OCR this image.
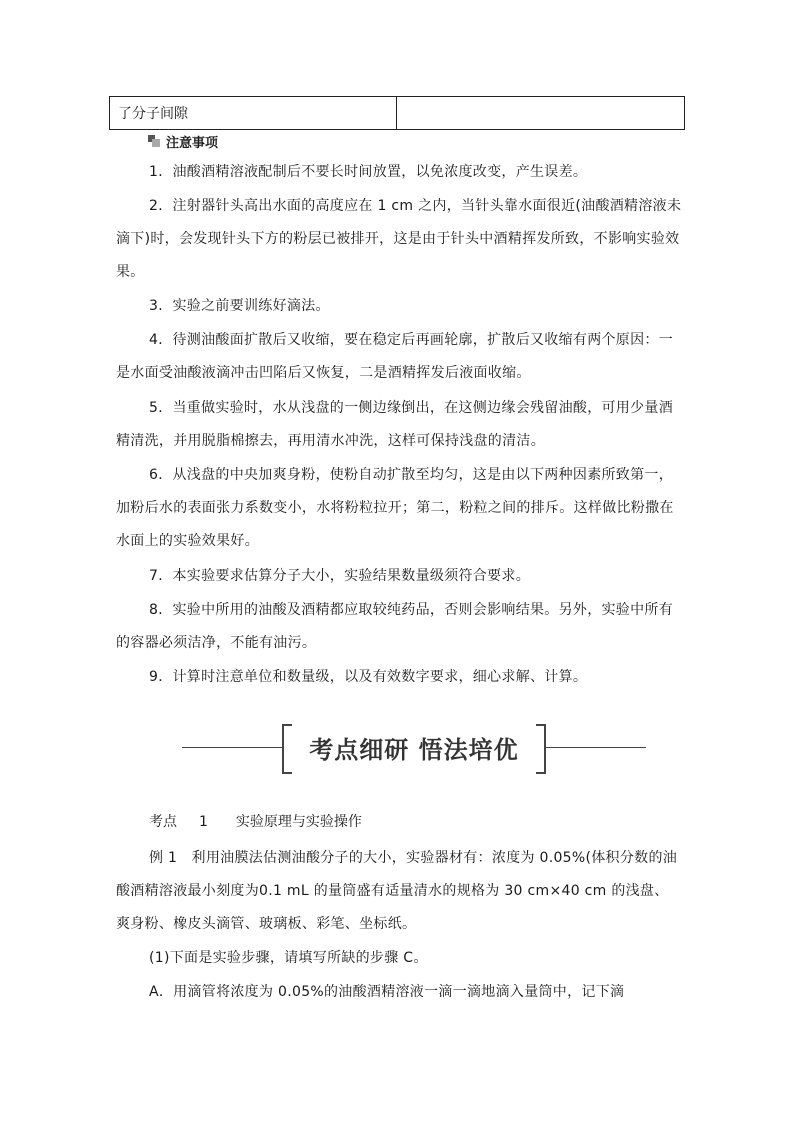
了分子间隙	
注意事项

1．油酸酒精溶液配制后不要长时间放置，以免浓度改变，产生误差。

2．注射器针头高出水面的高度应在 1 cm 之内，当针头靠水面很近(油酸酒精溶液未滴下)时，会发现针头下方的粉层已被排开，这是由于针头中酒精挥发所致，不影响实验效果。

3．实验之前要训练好滴法。

4．待测油酸面扩散后又收缩，要在稳定后再画轮廓，扩散后又收缩有两个原因：一是水面受油酸液滴冲击凹陷后又恢复，二是酒精挥发后液面收缩。

5．当重做实验时，水从浅盘的一侧边缘倒出，在这侧边缘会残留油酸，可用少量酒精清洗，并用脱脂棉擦去，再用清水冲洗，这样可保持浅盘的清洁。

6．从浅盘的中央加爽身粉，使粉自动扩散至均匀，这是由以下两种因素所致第一，加粉后水的表面张力系数变小，水将粉粒拉开；第二，粉粒之间的排斥。这样做比粉撒在水面上的实验效果好。

7．本实验要求估算分子大小，实验结果数量级须符合要求。

8．实验中所用的油酸及酒精都应取较纯药品，否则会影响结果。另外，实验中所有的容器必须洁净，不能有油污。

9．计算时注意单位和数量级，以及有效数字要求，细心求解、计算。

考点细研 悟法培优
考点 1 实验原理与实验操作

例 1　利用油膜法估测油酸分子的大小，实验器材有：浓度为 0.05%(体积分数的油酸酒精溶液最小刻度为0.1 mL 的量筒盛有适量清水的规格为 30 cm×40 cm 的浅盘、爽身粉、橡皮头滴管、玻璃板、彩笔、坐标纸。

(1)下面是实验步骤，请填写所缺的步骤 C。

A．用滴管将浓度为 0.05%的油酸酒精溶液一滴一滴地滴入量筒中，记下滴
